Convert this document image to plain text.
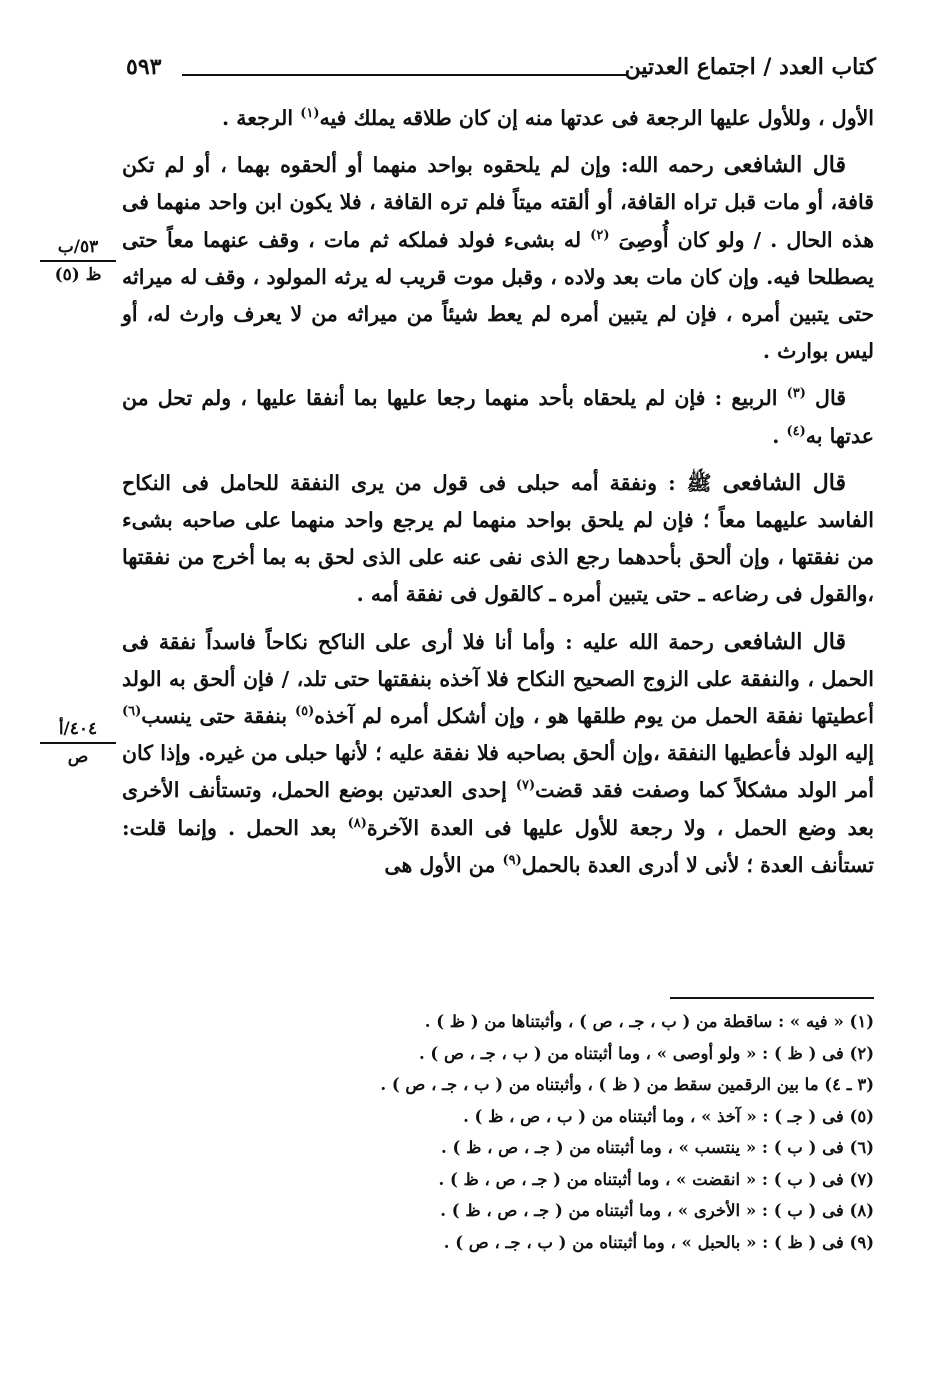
كتاب العدد / اجتماع العدتين
٥٩٣
٥٣/ب
ظ (٥)
٤٠٤/أ
ص

الأول ، وللأول عليها الرجعة فى عدتها منه إن كان طلاقه يملك فيه$^{(١)}$ الرجعة .

قال الشافعى رحمه الله: وإن لم يلحقوه بواحد منهما أو ألحقوه بهما ، أو لم تكن قافة، أو مات قبل تراه القافة، أو ألقته ميتاً فلم تره القافة ، فلا يكون ابن واحد منهما فى هذه الحال . / ولو كان أُوصِىَ $^{(٢)}$ له بشىء فولد فملكه ثم مات ، وقف عنهما معاً حتى يصطلحا فيه. وإن كان مات بعد ولاده ، وقبل موت قريب له يرثه المولود ، وقف له ميراثه حتى يتبين أمره ، فإن لم يتبين أمره لم يعط شيئاً من ميراثه من لا يعرف وارث له، أو ليس بوارث .

قال $^{(٣)}$ الربيع : فإن لم يلحقاه بأحد منهما رجعا عليها بما أنفقا عليها ، ولم تحل من عدتها به$^{(٤)}$ .

قال الشافعى ﷺ : ونفقة أمه حبلى فى قول من يرى النفقة للحامل فى النكاح الفاسد عليهما معاً ؛ فإن لم يلحق بواحد منهما لم يرجع واحد منهما على صاحبه بشىء من نفقتها ، وإن ألحق بأحدهما رجع الذى نفى عنه على الذى لحق به بما أخرج من نفقتها ،والقول فى رضاعه ـ حتى يتبين أمره ـ كالقول فى نفقة أمه .

قال الشافعى رحمة الله عليه : وأما أنا فلا أرى على الناكح نكاحاً فاسداً نفقة فى الحمل ، والنفقة على الزوج الصحيح النكاح فلا آخذه بنفقتها حتى تلد، / فإن ألحق به الولد أعطيتها نفقة الحمل من يوم طلقها هو ، وإن أشكل أمره لم آخذه$^{(٥)}$ بنفقة حتى ينسب$^{(٦)}$ إليه الولد فأعطيها النفقة ،وإن ألحق بصاحبه فلا نفقة عليه ؛ لأنها حبلى من غيره. وإذا كان أمر الولد مشكلاً كما وصفت فقد قضت$^{(٧)}$ إحدى العدتين بوضع الحمل، وتستأنف الأخرى بعد وضع الحمل ، ولا رجعة للأول عليها فى العدة الآخرة$^{(٨)}$ بعد الحمل . وإنما قلت: تستأنف العدة ؛ لأنى لا أدرى العدة بالحمل$^{(٩)}$ من الأول هى

(١) « فيه » : ساقطة من ( ب ، جـ ، ص ) ، وأثبتناها من ( ظ ) .

(٢) فى ( ظ ) : « ولو أوصى » ، وما أثبتناه من ( ب ، جـ ، ص ) .

(٣ ـ ٤) ما بين الرقمين سقط من ( ظ ) ، وأثبتناه من ( ب ، جـ ، ص ) .

(٥) فى ( جـ ) : « آخذ » ، وما أثبتناه من ( ب ، ص ، ظ ) .

(٦) فى ( ب ) : « ينتسب » ، وما أثبتناه من ( جـ ، ص ، ظ ) .

(٧) فى ( ب ) : « انقضت » ، وما أثبتناه من ( جـ ، ص ، ظ ) .

(٨) فى ( ب ) : « الأخرى » ، وما أثبتناه من ( جـ ، ص ، ظ ) .

(٩) فى ( ظ ) : « بالحبل » ، وما أثبتناه من ( ب ، جـ ، ص ) .
